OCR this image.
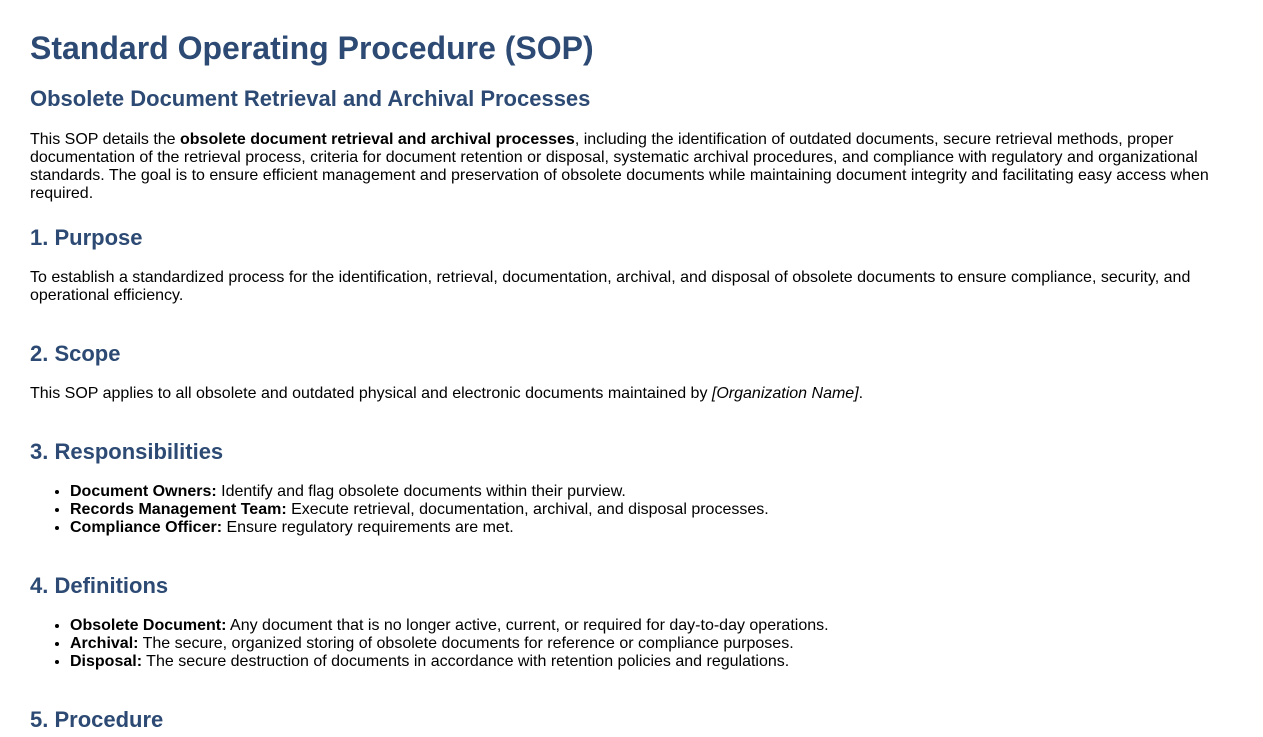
Standard Operating Procedure (SOP)
Obsolete Document Retrieval and Archival Processes

This SOP details the obsolete document retrieval and archival processes, including the identification of outdated documents, secure retrieval methods, proper documentation of the retrieval process, criteria for document retention or disposal, systematic archival procedures, and compliance with regulatory and organizational standards. The goal is to ensure efficient management and preservation of obsolete documents while maintaining document integrity and facilitating easy access when required.

1. Purpose

To establish a standardized process for the identification, retrieval, documentation, archival, and disposal of obsolete documents to ensure compliance, security, and operational efficiency.

2. Scope

This SOP applies to all obsolete and outdated physical and electronic documents maintained by [Organization Name].

3. Responsibilities
• Document Owners: Identify and flag obsolete documents within their purview.
• Records Management Team: Execute retrieval, documentation, archival, and disposal processes.
• Compliance Officer: Ensure regulatory requirements are met.
4. Definitions
• Obsolete Document: Any document that is no longer active, current, or required for day-to-day operations.
• Archival: The secure, organized storing of obsolete documents for reference or compliance purposes.
• Disposal: The secure destruction of documents in accordance with retention policies and regulations.
5. Procedure
